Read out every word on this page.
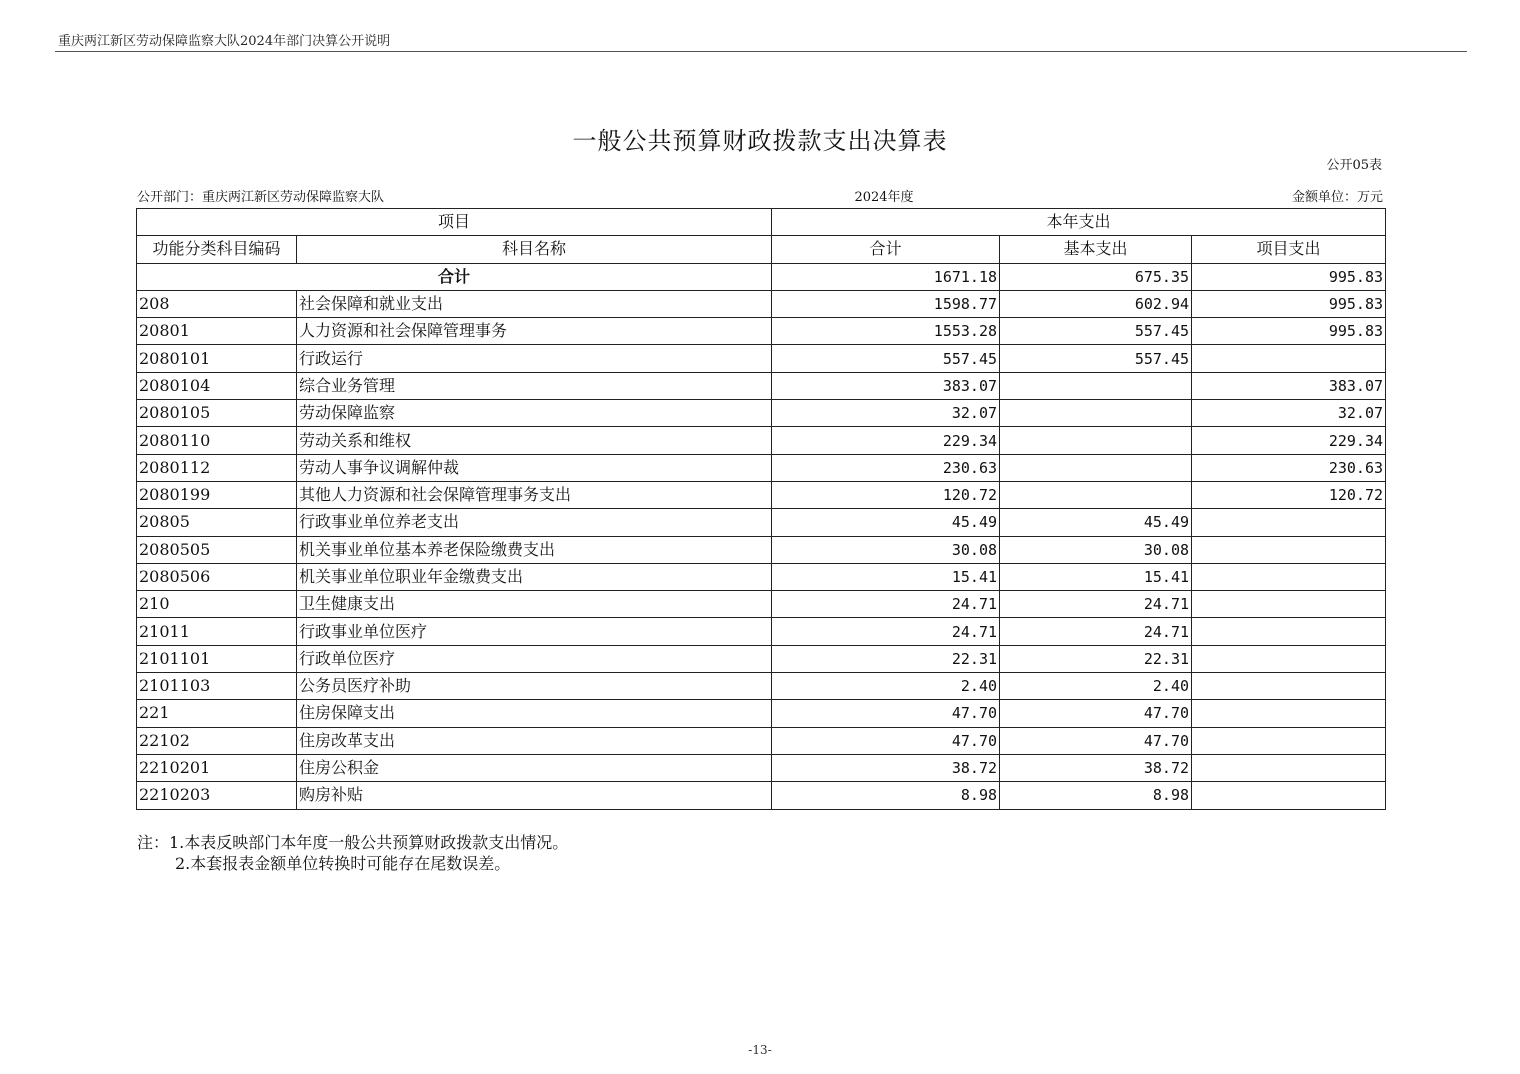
重庆两江新区劳动保障监察大队2024年部门决算公开说明
一般公共预算财政拨款支出决算表
公开05表
公开部门：重庆两江新区劳动保障监察大队	2024年度	金额单位：万元
项目		本年支出		
功能分类科目编码	科目名称	合计	基本支出	项目支出
合计		1671.18	675.35	995.83
208	社会保障和就业支出	1598.77	602.94	995.83
20801	人力资源和社会保障管理事务	1553.28	557.45	995.83
2080101	行政运行	557.45	557.45	
2080104	综合业务管理	383.07		383.07
2080105	劳动保障监察	32.07		32.07
2080110	劳动关系和维权	229.34		229.34
2080112	劳动人事争议调解仲裁	230.63		230.63
2080199	其他人力资源和社会保障管理事务支出	120.72		120.72
20805	行政事业单位养老支出	45.49	45.49	
2080505	机关事业单位基本养老保险缴费支出	30.08	30.08	
2080506	机关事业单位职业年金缴费支出	15.41	15.41	
210	卫生健康支出	24.71	24.71	
21011	行政事业单位医疗	24.71	24.71	
2101101	行政单位医疗	22.31	22.31	
2101103	公务员医疗补助	2.40	2.40	
221	住房保障支出	47.70	47.70	
22102	住房改革支出	47.70	47.70	
2210201	住房公积金	38.72	38.72	
2210203	购房补贴	8.98	8.98	
注：1.本表反映部门本年度一般公共预算财政拨款支出情况。
2.本套报表金额单位转换时可能存在尾数误差。
-13-
